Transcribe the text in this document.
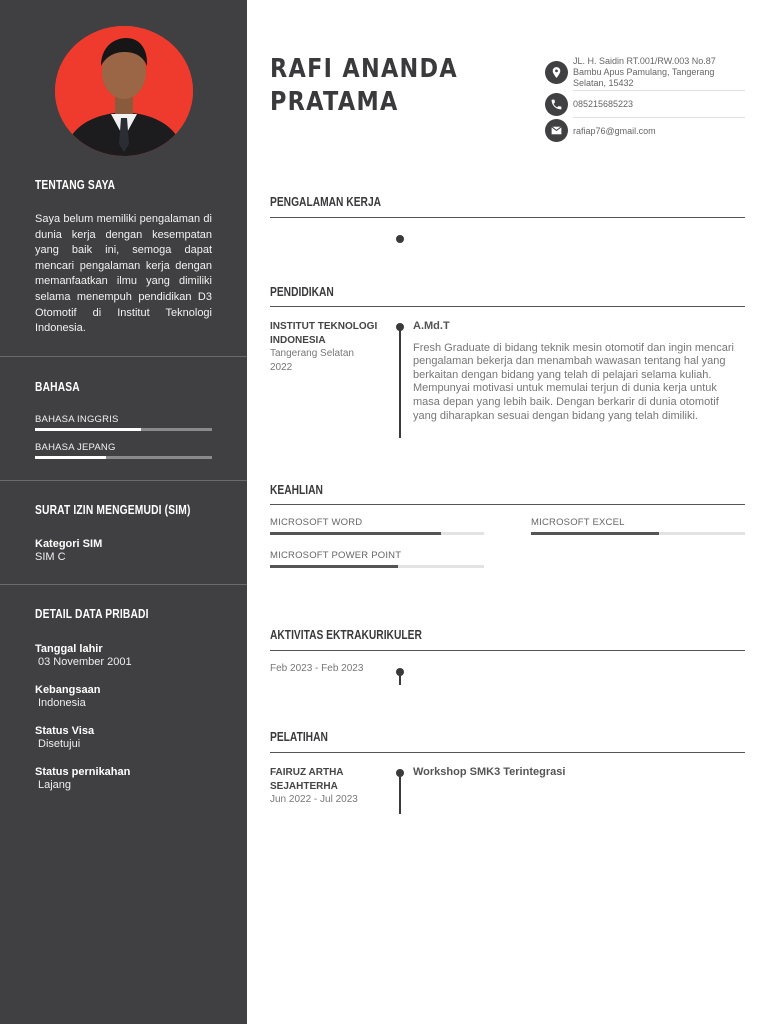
TENTANG SAYA

Saya belum memiliki pengalaman di dunia kerja dengan kesempatan yang baik ini, semoga dapat mencari pengalaman kerja dengan memanfaatkan ilmu yang dimiliki selama menempuh pendidikan D3 Otomotif di Institut Teknologi Indonesia.

BAHASA
BAHASA INGGRIS
BAHASA JEPANG
SURAT IZIN MENGEMUDI (SIM)
Kategori SIM
SIM C
DETAIL DATA PRIBADI
Tanggal lahir
03 November 2001
Kebangsaan
Indonesia
Status Visa
Disetujui
Status pernikahan
Lajang
RAFI ANANDA
PRATAMA
JL. H. Saidin RT.001/RW.003 No.87 Bambu Apus Pamulang, Tangerang Selatan, 15432
085215685223
rafiap76@gmail.com
PENGALAMAN KERJA
PENDIDIKAN
INSTITUT TEKNOLOGI INDONESIA
Tangerang Selatan
2022
A.Md.T

Fresh Graduate di bidang teknik mesin otomotif dan ingin mencari pengalaman bekerja dan menambah wawasan tentang hal yang berkaitan dengan bidang yang telah di pelajari selama kuliah. Mempunyai motivasi untuk memulai terjun di dunia kerja untuk masa depan yang lebih baik. Dengan berkarir di dunia otomotif yang diharapkan sesuai dengan bidang yang telah dimiliki.

KEAHLIAN
MICROSOFT WORD	MICROSOFT EXCEL
MICROSOFT POWER POINT
AKTIVITAS EKTRAKURIKULER
Feb 2023 - Feb 2023
PELATIHAN
FAIRUZ ARTHA SEJAHTERHA
Jun 2022 - Jul 2023
Workshop SMK3 Terintegrasi
